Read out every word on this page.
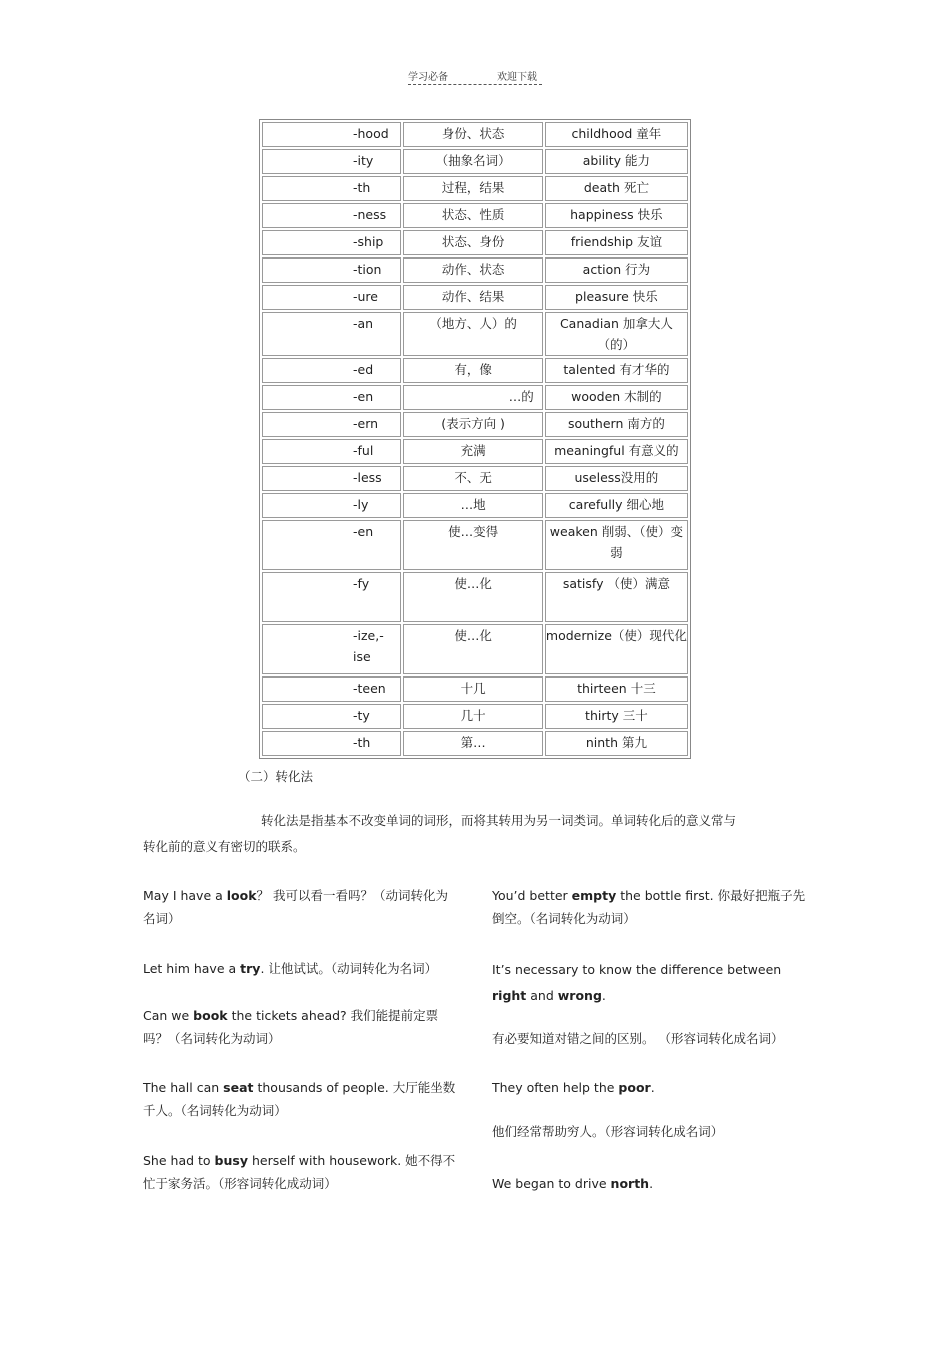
学习必备	欢迎下载
-hood	身份、状态	childhood 童年
-ity	（抽象名词）	ability 能力
-th	过程，结果	death 死亡
-ness	状态、性质	happiness 快乐
-ship	状态、身份	friendship 友谊
-tion	动作、状态	action 行为
-ure	动作、结果	pleasure 快乐
-an	（地方、人）的	Canadian 加拿大人（的）
-ed	有，像	talented 有才华的
-en	…的	wooden 木制的
-ern	(表示方向 )	southern 南方的
-ful	充满	meaningful 有意义的
-less	不、无	useless没用的
-ly	…地	carefully 细心地
-en	使…变得	weaken 削弱、（使）变弱
-fy	使…化	satisfy （使）满意
-ize,-ise	使…化	modernize（使）现代化
-teen	十几	thirteen 十三
-ty	几十	thirty 三十
-th	第…	ninth 第九
（二）转化法
转化法是指基本不改变单词的词形，而将其转用为另一词类词。单词转化后的意义常与
转化前的意义有密切的联系。
May I have a look？ 我可以看一看吗？（动词转化为名词）
Let him have a try. 让他试试。（动词转化为名词）
Can we book the tickets ahead? 我们能提前定票吗？（名词转化为动词）
The hall can seat thousands of people. 大厅能坐数千人。（名词转化为动词）
She had to busy herself with housework. 她不得不忙于家务活。（形容词转化成动词）
You’d better empty the bottle first. 你最好把瓶子先倒空。（名词转化为动词）
It’s necessary to know the difference between right and wrong.
有必要知道对错之间的区别。 （形容词转化成名词）
They often help the poor.
他们经常帮助穷人。（形容词转化成名词）
We began to drive north.
